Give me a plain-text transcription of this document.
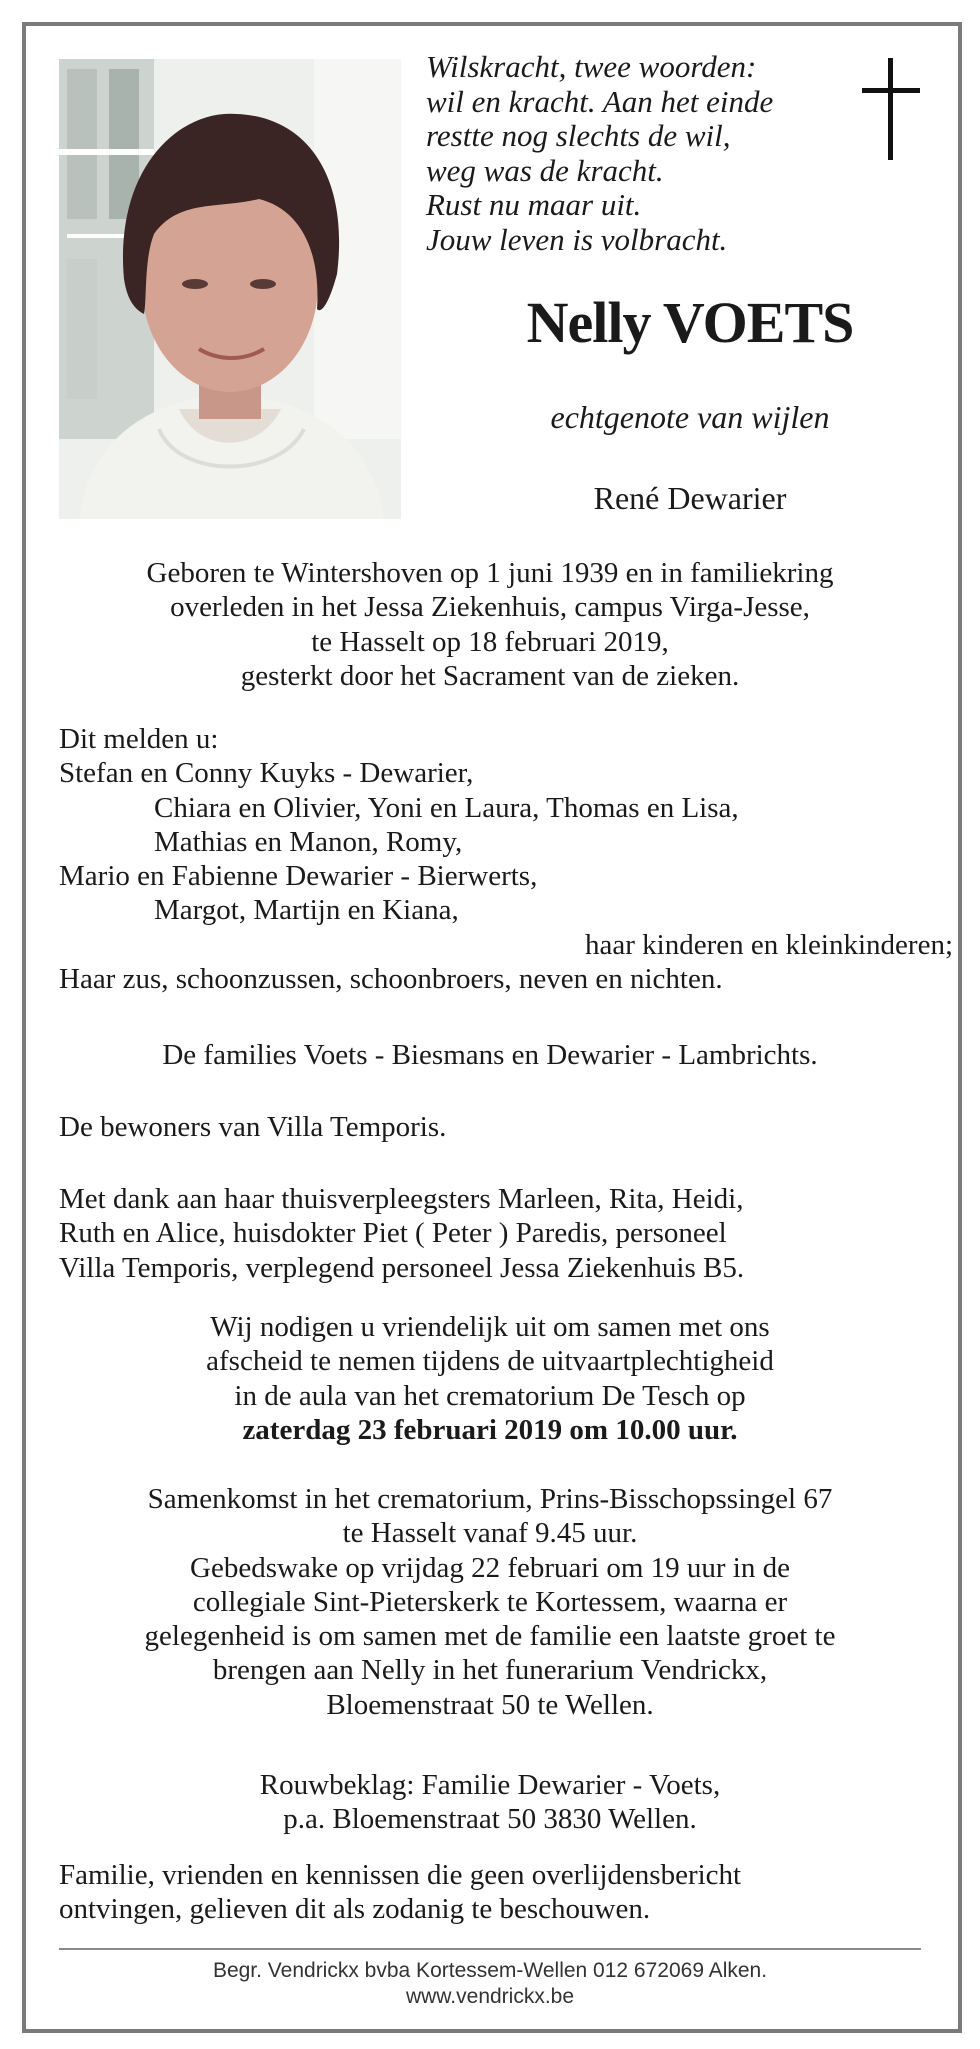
Wilskracht, twee woorden:
wil en kracht. Aan het einde
restte nog slechts de wil,
weg was de kracht.
Rust nu maar uit.
Jouw leven is volbracht.
Nelly VOETS
echtgenote van wijlen
René Dewarier
Geboren te Wintershoven op 1 juni 1939 en in familiekring
overleden in het Jessa Ziekenhuis, campus Virga-Jesse,
te Hasselt op 18 februari 2019,
gesterkt door het Sacrament van de zieken.
Dit melden u:
Stefan en Conny Kuyks - Dewarier,
Chiara en Olivier, Yoni en Laura, Thomas en Lisa,
Mathias en Manon, Romy,
Mario en Fabienne Dewarier - Bierwerts,
Margot, Martijn en Kiana,
haar kinderen en kleinkinderen;
Haar zus, schoonzussen, schoonbroers, neven en nichten.
De families Voets - Biesmans en Dewarier - Lambrichts.
De bewoners van Villa Temporis.
Met dank aan haar thuisverpleegsters Marleen, Rita, Heidi,
Ruth en Alice, huisdokter Piet ( Peter ) Paredis, personeel
Villa Temporis, verplegend personeel Jessa Ziekenhuis B5.
Wij nodigen u vriendelijk uit om samen met ons
afscheid te nemen tijdens de uitvaartplechtigheid
in de aula van het crematorium De Tesch op
zaterdag 23 februari 2019 om 10.00 uur.
Samenkomst in het crematorium, Prins-Bisschopssingel 67
te Hasselt vanaf 9.45 uur.
Gebedswake op vrijdag 22 februari om 19 uur in de
collegiale Sint-Pieterskerk te Kortessem, waarna er
gelegenheid is om samen met de familie een laatste groet te
brengen aan Nelly in het funerarium Vendrickx,
Bloemenstraat 50 te Wellen.
Rouwbeklag: Familie Dewarier - Voets,
p.a. Bloemenstraat 50 3830 Wellen.
Familie, vrienden en kennissen die geen overlijdensbericht
ontvingen, gelieven dit als zodanig te beschouwen.
Begr. Vendrickx bvba Kortessem-Wellen 012 672069 Alken.
www.vendrickx.be
